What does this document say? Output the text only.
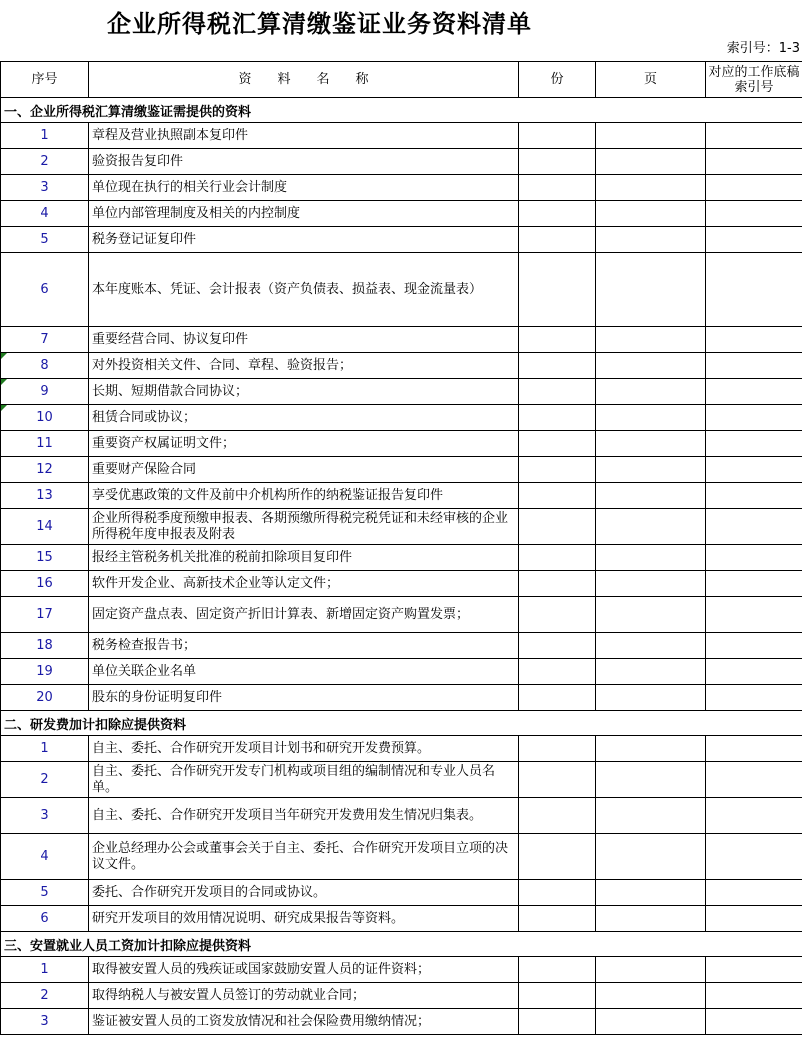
企业所得税汇算清缴鉴证业务资料清单
索引号：1-3
序号	资料名称	份	页	对应的工作底稿索引号
一、企业所得税汇算清缴鉴证需提供的资料				
1	章程及营业执照副本复印件			
2	验资报告复印件			
3	单位现在执行的相关行业会计制度			
4	单位内部管理制度及相关的内控制度			
5	税务登记证复印件			
6	本年度账本、凭证、会计报表（资产负债表、损益表、现金流量表）			
7	重要经营合同、协议复印件			
8	对外投资相关文件、合同、章程、验资报告；			
9	长期、短期借款合同协议；			
10	租赁合同或协议；			
11	重要资产权属证明文件；			
12	重要财产保险合同			
13	享受优惠政策的文件及前中介机构所作的纳税鉴证报告复印件			
14	企业所得税季度预缴申报表、各期预缴所得税完税凭证和未经审核的企业所得税年度申报表及附表			
15	报经主管税务机关批准的税前扣除项目复印件			
16	软件开发企业、高新技术企业等认定文件；			
17	固定资产盘点表、固定资产折旧计算表、新增固定资产购置发票；			
18	税务检查报告书；			
19	单位关联企业名单			
20	股东的身份证明复印件			
二、研发费加计扣除应提供资料				
1	自主、委托、合作研究开发项目计划书和研究开发费预算。			
2	自主、委托、合作研究开发专门机构或项目组的编制情况和专业人员名单。			
3	自主、委托、合作研究开发项目当年研究开发费用发生情况归集表。			
4	企业总经理办公会或董事会关于自主、委托、合作研究开发项目立项的决议文件。			
5	委托、合作研究开发项目的合同或协议。			
6	研究开发项目的效用情况说明、研究成果报告等资料。			
三、安置就业人员工资加计扣除应提供资料				
1	取得被安置人员的残疾证或国家鼓励安置人员的证件资料；			
2	取得纳税人与被安置人员签订的劳动就业合同；			
3	鉴证被安置人员的工资发放情况和社会保险费用缴纳情况；			
